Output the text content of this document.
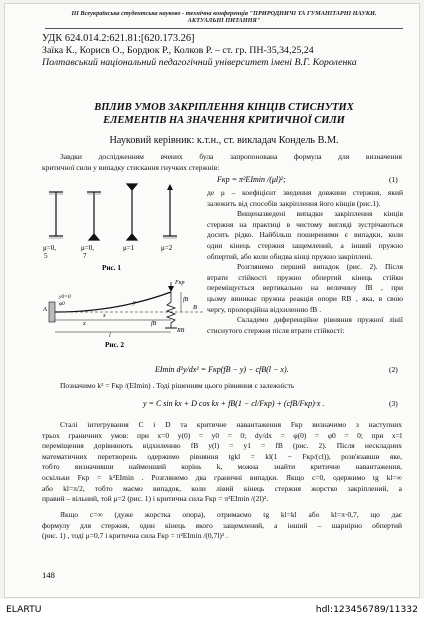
ІІІ Всеукраїнська студентська науково - технічна конференція "ПРИРОДНИЧІ ТА ГУМАНІТАРНІ НАУКИ.
АКТУАЛЬНІ ПИТАННЯ"
УДК 624.014.2:621.81:[620.173.26]
Заїка К., Корисв О., Бордюк Р., Колков Р. – ст. гр. ПН-35,34,25,24
Полтавський національний педагогічний університет імені В.Г. Короленка
ВПЛИВ УМОВ ЗАКРІПЛЕННЯ КІНЦІВ СТИСНУТИХ
ЕЛЕМЕНТІВ НА ЗНАЧЕННЯ КРИТИЧНОЇ СИЛИ
Науковий керівник: к.т.н., ст. викладач Кондель В.М.
Завдки дослідженням вчених була запропонована формула для визначення
критичної сили у випадку стискання гнучких стержнів:
Fкр = π²EImin /(μl)²;	(1)
μ=0,
5
μ=0,
7
μ=1	μ=2
Рис. 1
де μ – коефіцієнт зведення довжини стержня, який
залежить від способів закріплення його кінців (рис.1).
Вищеназведені випадки закріплення кінців
стержня на практиці в чистому вигляді зустрічаються
досить рідко. Найбільш поширеними є випадки, коли
один кінець стержня защемлений, а інший пружно
обпертий, або коли обидва кінці пружно закріплені.
Розглянемо перший випадок (рис. 2). Після
втрати стійкості пружно обпертий кінець стійки
переміщується вертикально на величину fB , при
цьому виникає пружна реакція опори RB , яка, в свою
чергу, пропорційна відхиленню fB .
Складемо диференційне рівняння пружної лінії
стиснутого стержня після втрати стійкості:
A	B
fB
Fкр
RB
y0=0
φ0
x
y
l
x	fB
Рис. 2
EImin d²y/dx² = Fкр(fB − y) − cfB(l − x).	(2)
Позначимо k² = Fкр /(EImin) . Тоді рішенням цього рівняння є залежність
y = C sin kx + D cos kx + fB(1 − cl/Fкр) + (cfB/Fкр)·x .	(3)
Сталі інтегрування C і D та критичне навантаження Fкр визначимо з наступних
трьох граничних умов: при x=0 y(0) = y0 = 0; dy/dx = φ(0) = φ0 = 0; при x=l
переміщення дорівнюють відхиленню fB y(l) = y1 = fB (рис. 2). Після нескладних
математичних перетворень одержимо рівняння tgkl = kl(1 − Fкр/(cl)), розв'язавши яке,
тобто визначивши найменший корінь k, можна знайти критичне навантаження,
оскільки Fкр = k²EImin . Розглянемо два граничні випадки. Якщо c=0, одержимо tg kl=∞
або kl=π/2, тобто маємо випадок, коли лівий кінець стержня жорстко закріплений, а
правий – вільний, той μ=2 (рис. 1) і критична сила Fкр = π²EImin /(2l)².
Якщо c=∞ (дуже жорстка опора), отримаємо tg kl=kl або kl=π·0,7, що дає
формулу для стержня, один кінець якого защемлений, а інший – шарнірно обпертий
(рис. 1) , тоді μ=0,7 і критична сила Fкр = π²EImin /(0,7l)² .
148
ELARTU	hdl:123456789/11332
